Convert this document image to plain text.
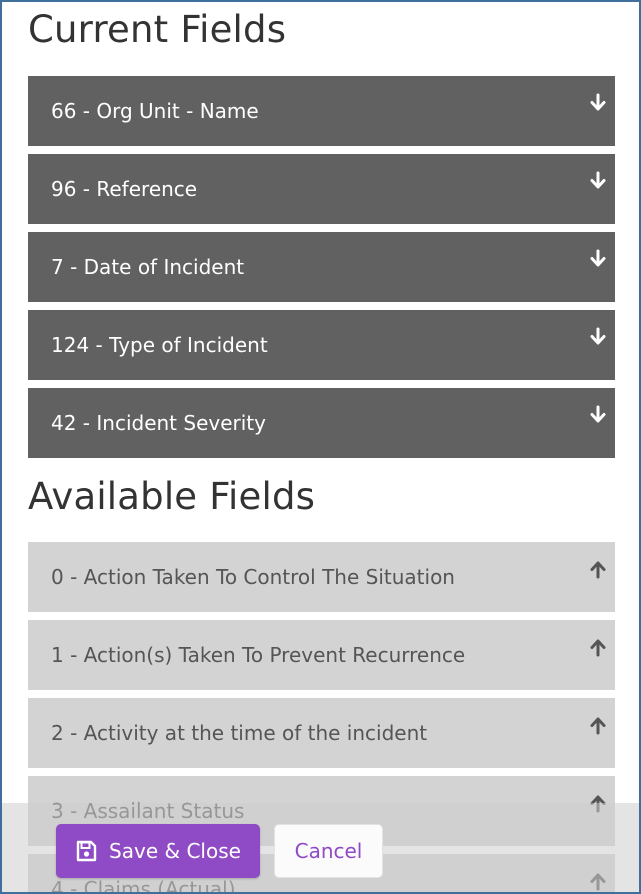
Current Fields
66 - Org Unit - Name
96 - Reference
7 - Date of Incident
124 - Type of Incident
42 - Incident Severity
Available Fields
0 - Action Taken To Control The Situation
1 - Action(s) Taken To Prevent Recurrence
2 - Activity at the time of the incident
Save & Close	Cancel
